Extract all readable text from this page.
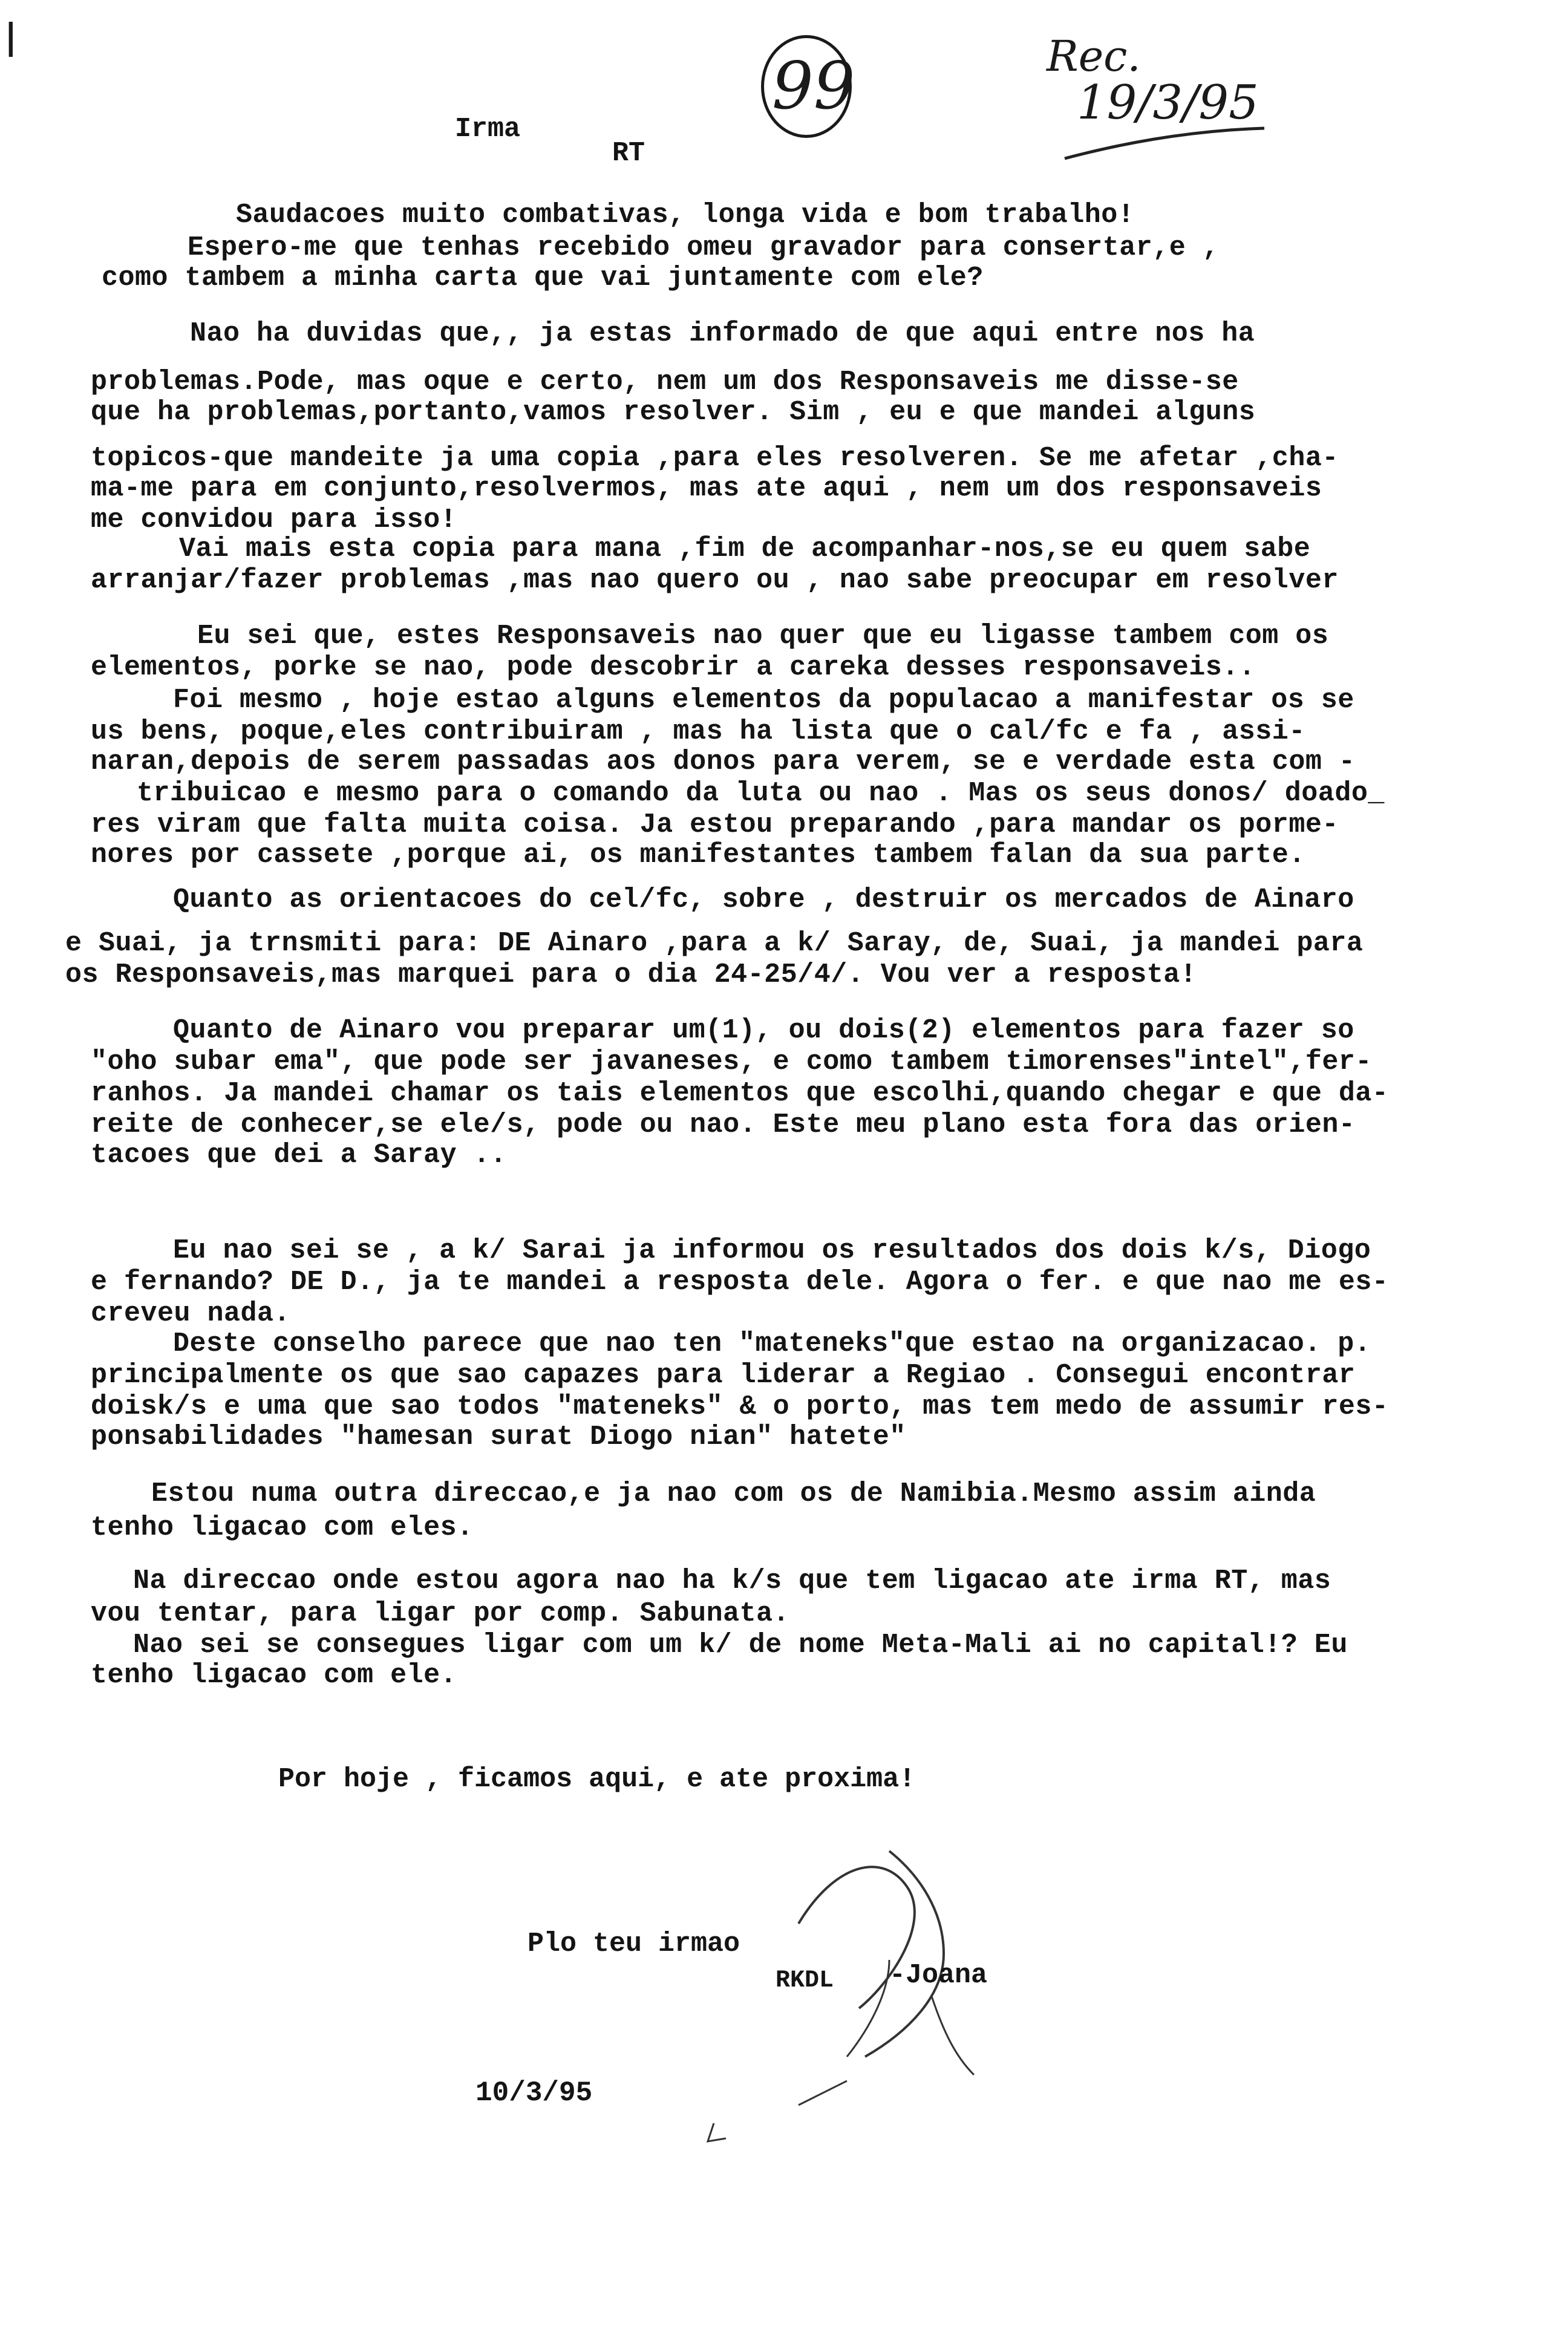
ǀ
99	Rec.
19/3/95
Irma
RT
Saudacoes muito combativas, longa vida e bom trabalho!
Espero-me que tenhas recebido omeu gravador para consertar,e ,
como tambem a minha carta que vai juntamente com ele?
Nao ha duvidas que,, ja estas informado de que aqui entre nos ha
problemas.Pode, mas oque e certo, nem um dos Responsaveis me disse-se
que ha problemas,portanto,vamos resolver. Sim , eu e que mandei alguns
topicos-que mandeite ja uma copia ,para eles resolveren. Se me afetar ,cha-
ma-me para em conjunto,resolvermos, mas ate aqui , nem um dos responsaveis
me convidou para isso!
Vai mais esta copia para mana ,fim de acompanhar-nos,se eu quem sabe
arranjar/fazer problemas ,mas nao quero ou , nao sabe preocupar em resolver
Eu sei que, estes Responsaveis nao quer que eu ligasse tambem com os
elementos, porke se nao, pode descobrir a careka desses responsaveis..
Foi mesmo , hoje estao alguns elementos da populacao a manifestar os se
us bens, poque,eles contribuiram , mas ha lista que o cal/fc e fa , assi-
naran,depois de serem passadas aos donos para verem, se e verdade esta com -
tribuicao e mesmo para o comando da luta ou nao . Mas os seus donos/ doado_
res viram que falta muita coisa. Ja estou preparando ,para mandar os porme-
nores por cassete ,porque ai, os manifestantes tambem falan da sua parte.
Quanto as orientacoes do cel/fc, sobre , destruir os mercados de Ainaro
e Suai, ja trnsmiti para: DE Ainaro ,para a k/ Saray, de, Suai, ja mandei para
os Responsaveis,mas marquei para o dia 24-25/4/. Vou ver a resposta!
Quanto de Ainaro vou preparar um(1), ou dois(2) elementos para fazer so
"oho subar ema", que pode ser javaneses, e como tambem timorenses"intel",fer-
ranhos. Ja mandei chamar os tais elementos que escolhi,quando chegar e que da-
reite de conhecer,se ele/s, pode ou nao. Este meu plano esta fora das orien-
tacoes que dei a Saray ..
Eu nao sei se , a k/ Sarai ja informou os resultados dos dois k/s, Diogo
e fernando? DE D., ja te mandei a resposta dele. Agora o fer. e que nao me es-
creveu nada.
Deste conselho parece que nao ten "mateneks"que estao na organizacao. p.
principalmente os que sao capazes para liderar a Regiao . Consegui encontrar
doisk/s e uma que sao todos "mateneks" & o porto, mas tem medo de assumir res-
ponsabilidades "hamesan surat Diogo nian" hatete"
Estou numa outra direccao,e ja nao com os de Namibia.Mesmo assim ainda
tenho ligacao com eles.
Na direccao onde estou agora nao ha k/s que tem ligacao ate irma RT, mas
vou tentar, para ligar por comp. Sabunata.
Nao sei se consegues ligar com um k/ de nome Meta-Mali ai no capital!? Eu
tenho ligacao com ele.
Por hoje , ficamos aqui, e ate proxima!
Plo teu irmao
RKDL -Joana
10/3/95
